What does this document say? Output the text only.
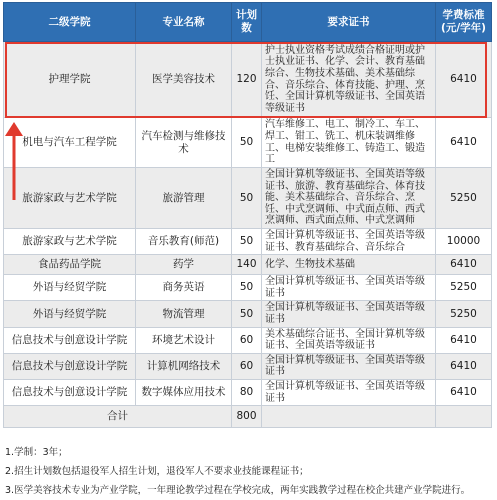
二级学院	专业名称	计划数	要求证书	学费标准(元/学年)
护理学院	医学美容技术	120	护士执业资格考试成绩合格证明或护士执业证书、化学、会计、教育基础综合、生物技术基础、美术基础综合、音乐综合、体育技能、护理、烹饪、全国计算机等级证书、全国英语等级证书	6410
机电与汽车工程学院	汽车检测与维修技术	50	汽车维修工、电工、制冷工、车工、焊工、钳工、铣工、机床装调维修工、电梯安装维修工、铸造工、锻造工	6410
旅游家政与艺术学院	旅游管理	50	全国计算机等级证书、全国英语等级证书、旅游、教育基础综合、体育技能、美术基础综合、音乐综合、烹饪、中式烹调师、中式面点师、西式烹调师、西式面点师、中式烹调师	5250
旅游家政与艺术学院	音乐教育(师范)	50	全国计算机等级证书、全国英语等级证书、教育基础综合、音乐综合	10000
食品药品学院	药学	140	化学、生物技术基础	6410
外语与经贸学院	商务英语	50	全国计算机等级证书、全国英语等级证书	5250
外语与经贸学院	物流管理	50	全国计算机等级证书、全国英语等级证书	5250
信息技术与创意设计学院	环境艺术设计	60	美术基础综合证书、全国计算机等级证书、全国英语等级证书	6410
信息技术与创意设计学院	计算机网络技术	60	全国计算机等级证书、全国英语等级证书	6410
信息技术与创意设计学院	数字媒体应用技术	80	全国计算机等级证书、全国英语等级证书	6410
合计		800		
1.学制：3年；
2.招生计划数包括退役军人招生计划，退役军人不要求业技能课程证书；
3.医学美容技术专业为产业学院，一年理论教学过程在学校完成，两年实践教学过程在校企共建产业学院进行。
